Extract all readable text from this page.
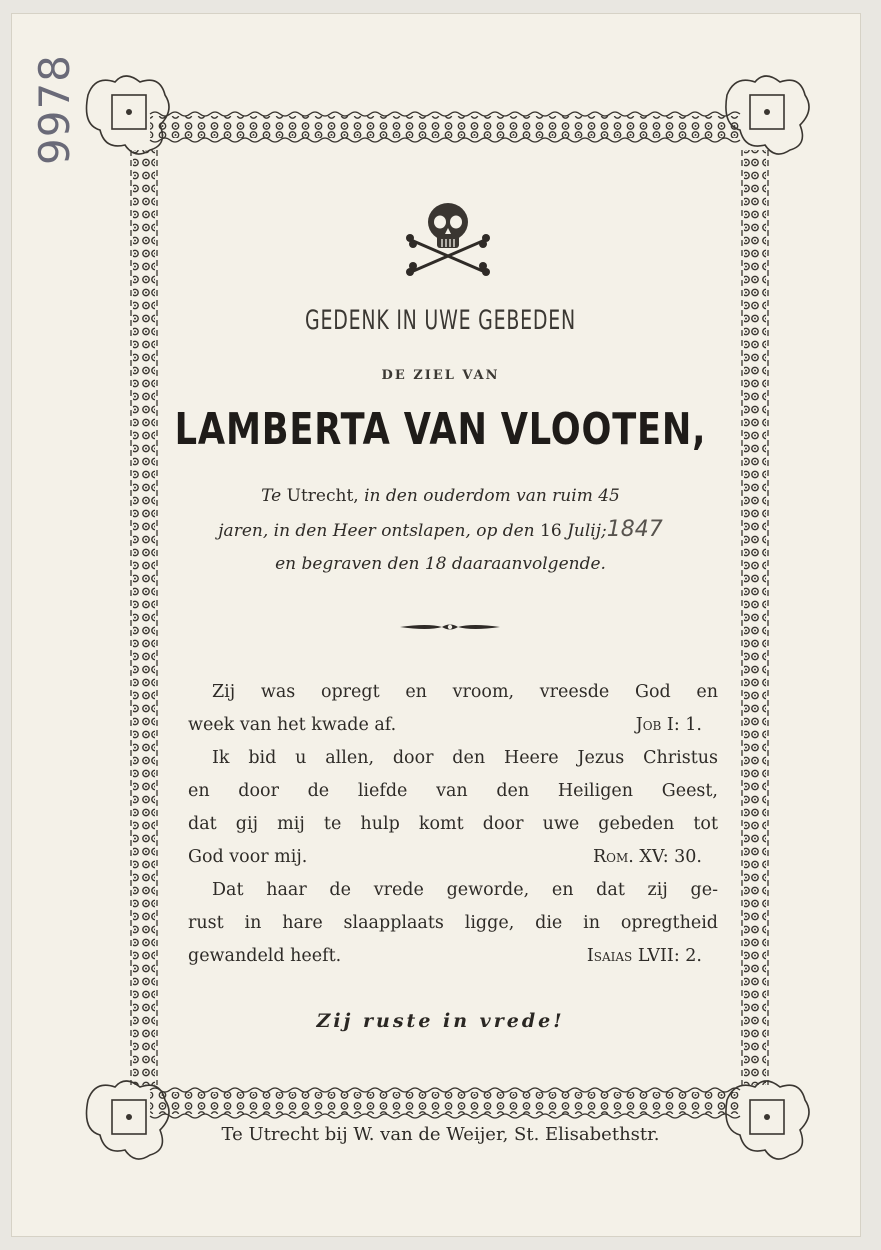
9978
GEDENK IN UWE GEBEDEN
DE ZIEL VAN
LAMBERTA VAN VLOOTEN,
Te Utrecht, in den ouderdom van ruim 45
jaren, in den Heer ontslapen, op den 16 Julij;1847
en begraven den 18 daaraanvolgende.
Zij was opregt en vroom, vreesde God en
week van het kwade af.	Job I: 1.
Ik bid u allen, door den Heere Jezus Christus
en door de liefde van den Heiligen Geest,
dat gij mij te hulp komt door uwe gebeden tot
God voor mij.	Rom. XV: 30.
Dat haar de vrede geworde, en dat zij ge-
rust in hare slaapplaats ligge, die in opregtheid
gewandeld heeft.	Isaias LVII: 2.
Zij ruste in vrede!
Te Utrecht bij W. van de Weijer, St. Elisabethstr.
